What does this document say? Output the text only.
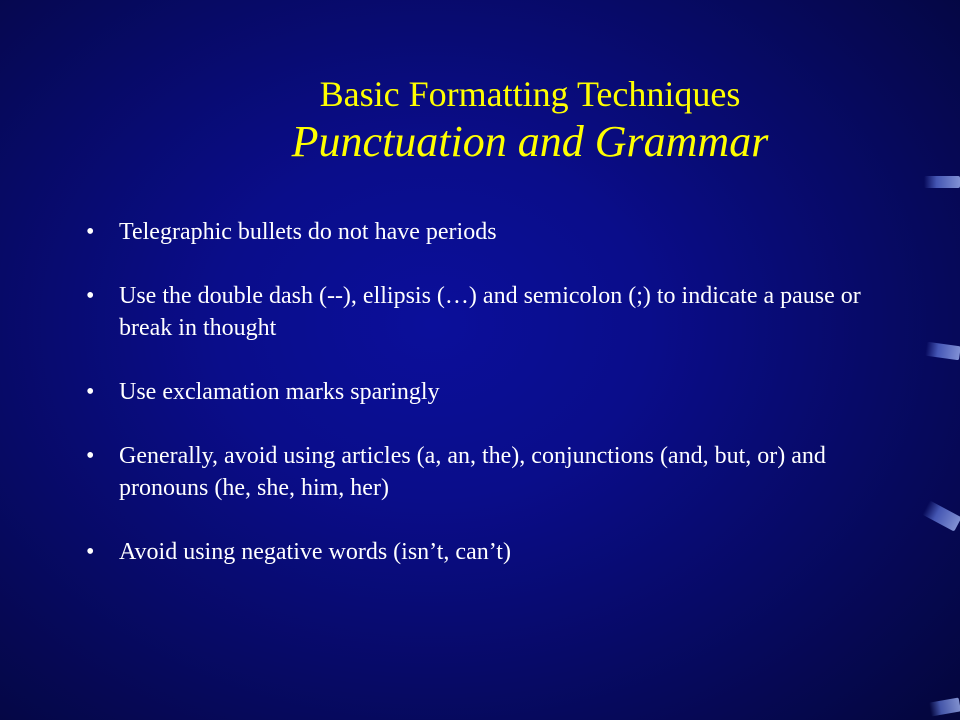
Basic Formatting Techniques
Punctuation and Grammar
• Telegraphic bullets do not have periods
• Use the double dash (--), ellipsis (…) and semicolon (;) to indicate a pause or break in thought
• Use exclamation marks sparingly
• Generally, avoid using articles (a, an, the), conjunctions (and, but, or) and pronouns (he, she, him, her)
• Avoid using negative words (isn’t, can’t)
